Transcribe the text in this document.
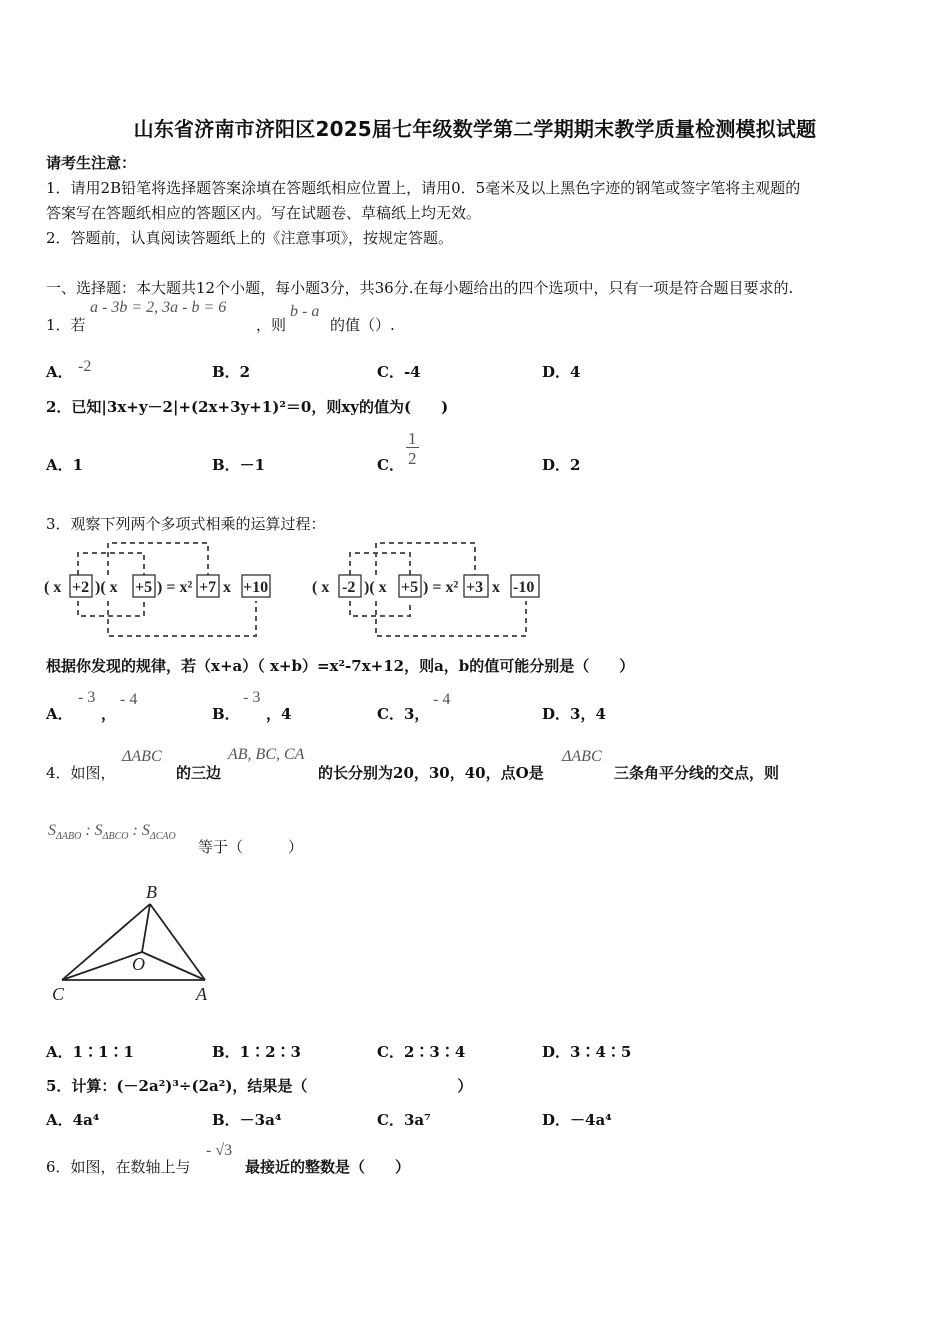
山东省济南市济阳区2025届七年级数学第二学期期末教学质量检测模拟试题
请考生注意：
1．请用2B铅笔将选择题答案涂填在答题纸相应位置上，请用0．5毫米及以上黑色字迹的钢笔或签字笔将主观题的
答案写在答题纸相应的答题区内。写在试题卷、草稿纸上均无效。
2．答题前，认真阅读答题纸上的《注意事项》，按规定答题。
一、选择题：本大题共12个小题，每小题3分，共36分.在每小题给出的四个选项中，只有一项是符合题目要求的.
1．若
a - 3b = 2, 3a - b = 6
，则
b - a
的值（）.
A． -2	B．2	C．-4	D．4
2．已知|3x+y－2|+(2x+3y+1)²＝0，则xy的值为(　　)
A．1	B．－1	C． $\frac{1}{2}$	D．2
3．观察下列两个多项式相乘的运算过程：
( x +2 )( x +5 ) = x² +7 x +10	( x -2 )( x +5 ) = x² +3 x -10
根据你发现的规律，若（x+a）（ x+b）=x²-7x+12，则a，b的值可能分别是（　　）
A．
- 3
，
- 4
B．
- 3
，4	C．3，
- 4
D．3，4
4．如图，
ΔABC
的三边
AB, BC, CA
的长分别为20，30，40，点O是
ΔABC
三条角平分线的交点，则
$S_{\Delta ABO}$ : $S_{\Delta BCO}$ : $S_{\Delta CAO}$
等于（　　　）
B
O
C	A
A．1∶1∶1	B．1∶2∶3	C．2∶3∶4	D．3∶4∶5
5．计算：(－2a²)³÷(2a²)，结果是（　　　　　　　　　　）
A．4a⁴	B．－3a⁴	C．3a⁷	D．－4a⁴
6．如图，在数轴上与
- √3
最接近的整数是（　　）
